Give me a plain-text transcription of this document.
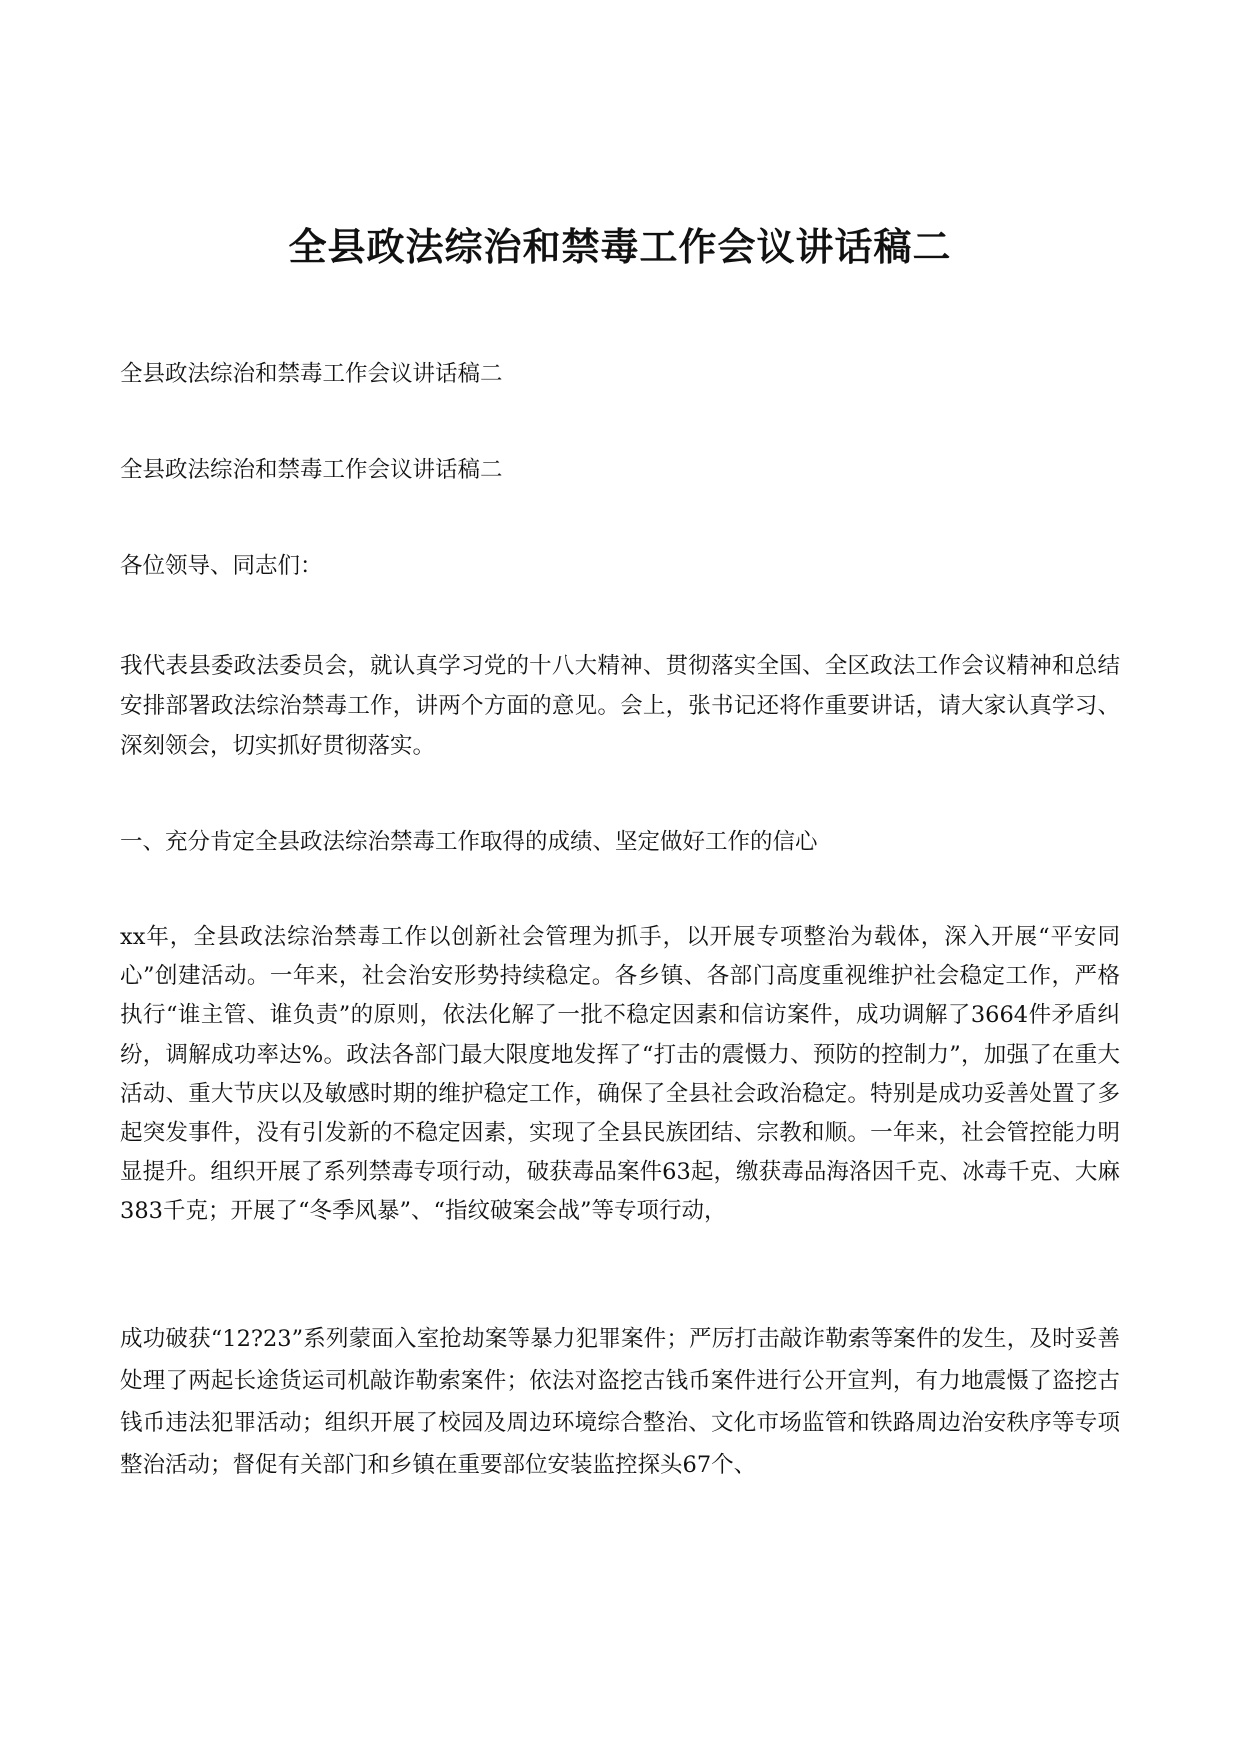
全县政法综治和禁毒工作会议讲话稿二
全县政法综治和禁毒工作会议讲话稿二
全县政法综治和禁毒工作会议讲话稿二
各位领导、同志们：
我代表县委政法委员会，就认真学习党的十八大精神、贯彻落实全国、全区政法工作会议精神和总结安排部署政法综治禁毒工作，讲两个方面的意见。会上，张书记还将作重要讲话，请大家认真学习、深刻领会，切实抓好贯彻落实。
一、充分肯定全县政法综治禁毒工作取得的成绩、坚定做好工作的信心
xx年，全县政法综治禁毒工作以创新社会管理为抓手，以开展专项整治为载体，深入开展“平安同心”创建活动。一年来，社会治安形势持续稳定。各乡镇、各部门高度重视维护社会稳定工作，严格执行“谁主管、谁负责”的原则，依法化解了一批不稳定因素和信访案件，成功调解了3664件矛盾纠纷，调解成功率达%。政法各部门最大限度地发挥了“打击的震慑力、预防的控制力”，加强了在重大活动、重大节庆以及敏感时期的维护稳定工作，确保了全县社会政治稳定。特别是成功妥善处置了多起突发事件，没有引发新的不稳定因素，实现了全县民族团结、宗教和顺。一年来，社会管控能力明显提升。组织开展了系列禁毒专项行动，破获毒品案件63起，缴获毒品海洛因千克、冰毒千克、大麻383千克；开展了“冬季风暴”、“指纹破案会战”等专项行动，
成功破获“12?23”系列蒙面入室抢劫案等暴力犯罪案件；严厉打击敲诈勒索等案件的发生，及时妥善处理了两起长途货运司机敲诈勒索案件；依法对盗挖古钱币案件进行公开宣判，有力地震慑了盗挖古钱币违法犯罪活动；组织开展了校园及周边环境综合整治、文化市场监管和铁路周边治安秩序等专项整治活动；督促有关部门和乡镇在重要部位安装监控探头67个、
